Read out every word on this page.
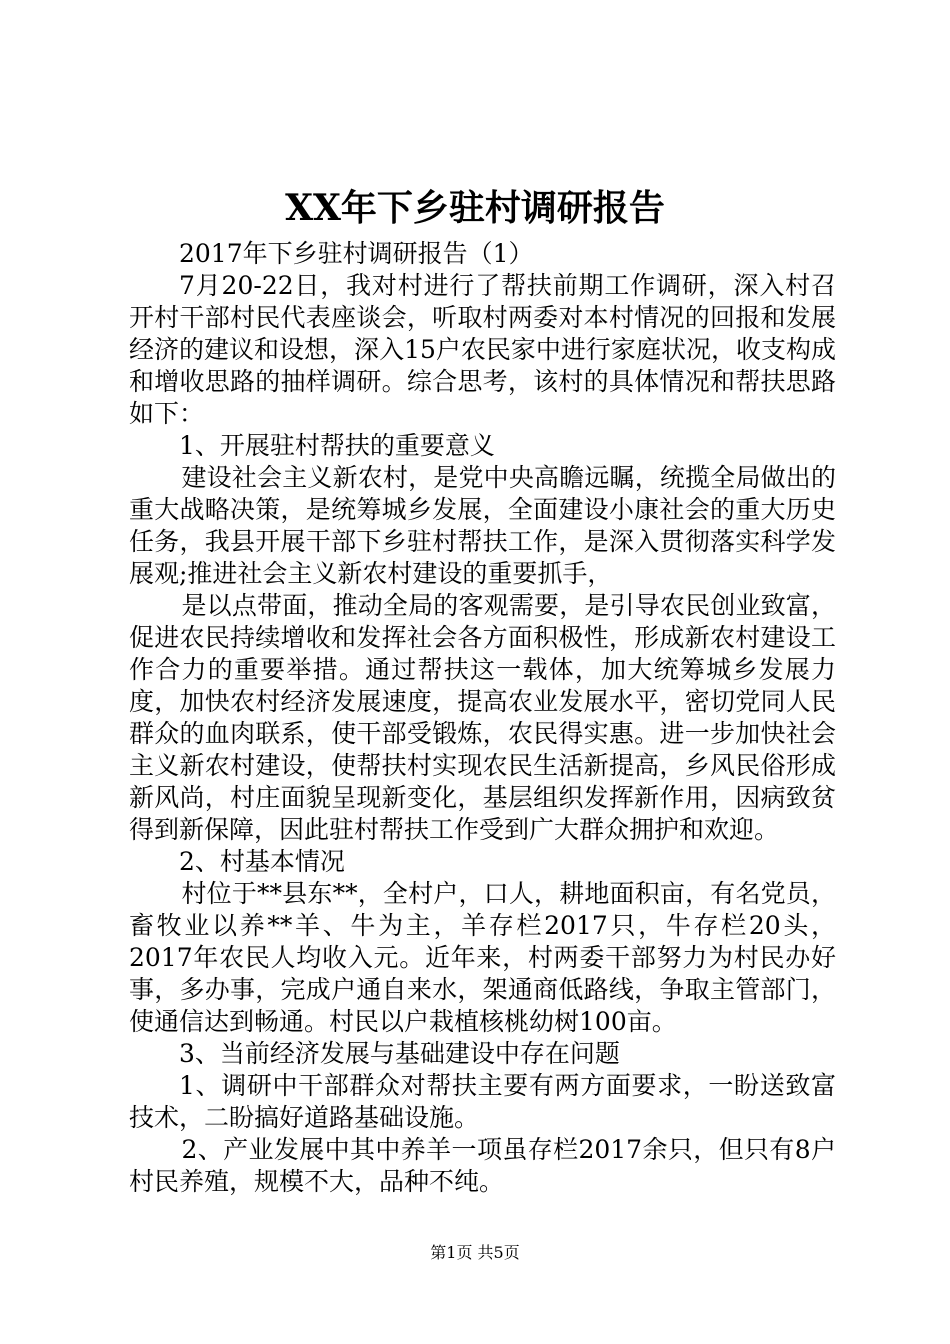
XX年下乡驻村调研报告

2017年下乡驻村调研报告（1）

7月20-22日，我对村进行了帮扶前期工作调研，深入村召开村干部村民代表座谈会，听取村两委对本村情况的回报和发展经济的建议和设想，深入15户农民家中进行家庭状况，收支构成和增收思路的抽样调研。综合思考，该村的具体情况和帮扶思路如下：

1、开展驻村帮扶的重要意义

建设社会主义新农村，是党中央高瞻远瞩，统揽全局做出的重大战略决策，是统筹城乡发展，全面建设小康社会的重大历史任务，我县开展干部下乡驻村帮扶工作，是深入贯彻落实科学发展观;推进社会主义新农村建设的重要抓手，

是以点带面，推动全局的客观需要，是引导农民创业致富，促进农民持续增收和发挥社会各方面积极性，形成新农村建设工作合力的重要举措。通过帮扶这一载体，加大统筹城乡发展力度，加快农村经济发展速度，提高农业发展水平，密切党同人民群众的血肉联系，使干部受锻炼，农民得实惠。进一步加快社会主义新农村建设，使帮扶村实现农民生活新提高，乡风民俗形成新风尚，村庄面貌呈现新变化，基层组织发挥新作用，因病致贫得到新保障，因此驻村帮扶工作受到广大群众拥护和欢迎。

2、村基本情况

村位于**县东**，全村户，口人，耕地面积亩，有名党员，畜牧业以养**羊、牛为主，羊存栏2017只，牛存栏20头，2017年农民人均收入元。近年来，村两委干部努力为村民办好事，多办事，完成户通自来水，架通商低路线，争取主管部门，使通信达到畅通。村民以户栽植核桃幼树100亩。

3、当前经济发展与基础建设中存在问题

1、调研中干部群众对帮扶主要有两方面要求，一盼送致富技术，二盼搞好道路基础设施。

2、产业发展中其中养羊一项虽存栏2017余只，但只有8户村民养殖，规模不大，品种不纯。

第1页 共5页
